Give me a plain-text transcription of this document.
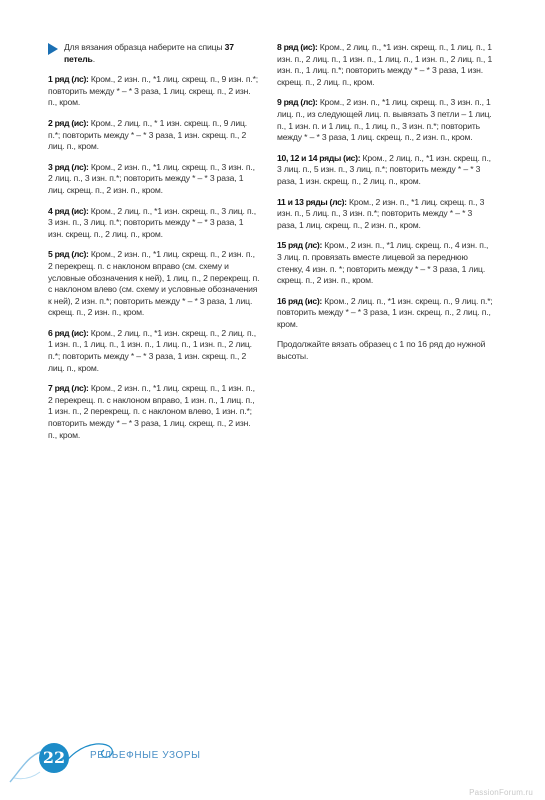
Для вязания образца наберите на спицы 37 петель.

1 ряд (лс): Кром., 2 изн. п., *1 лиц. скрещ. п., 9 изн. п.*; повторить между * – * 3 раза, 1 лиц. скрещ. п., 2 изн. п., кром.

2 ряд (ис): Кром., 2 лиц. п., * 1 изн. скрещ. п., 9 лиц. п.*; повторить между * – * 3 раза, 1 изн. скрещ. п., 2 лиц. п., кром.

3 ряд (лс): Кром., 2 изн. п., *1 лиц. скрещ. п., 3 изн. п., 2 лиц. п., 3 изн. п.*; повторить между * – * 3 раза, 1 лиц. скрещ. п., 2 изн. п., кром.

4 ряд (ис): Кром., 2 лиц. п., *1 изн. скрещ. п., 3 лиц. п., 3 изн. п., 3 лиц. п.*; повторить между * – * 3 раза, 1 изн. скрещ. п., 2 лиц. п., кром.

5 ряд (лс): Кром., 2 изн. п., *1 лиц. скрещ. п., 2 изн. п., 2 перекрещ. п. с наклоном вправо (см. схему и условные обозначения к ней), 1 лиц. п., 2 перекрещ. п. с наклоном влево (см. схему и условные обозначения к ней), 2 изн. п.*; повторить между * – * 3 раза, 1 лиц. скрещ. п., 2 изн. п., кром.

6 ряд (ис): Кром., 2 лиц. п., *1 изн. скрещ. п., 2 лиц. п., 1 изн. п., 1 лиц. п., 1 изн. п., 1 лиц. п., 1 изн. п., 2 лиц. п.*; повторить между * – * 3 раза, 1 изн. скрещ. п., 2 лиц. п., кром.

7 ряд (лс): Кром., 2 изн. п., *1 лиц. скрещ. п., 1 изн. п., 2 перекрещ. п. с наклоном вправо, 1 изн. п., 1 лиц. п., 1 изн. п., 2 перекрещ. п. с наклоном влево, 1 изн. п.*; повторить между * – * 3 раза, 1 лиц. скрещ. п., 2 изн. п., кром.

8 ряд (ис): Кром., 2 лиц. п., *1 изн. скрещ. п., 1 лиц. п., 1 изн. п., 2 лиц. п., 1 изн. п., 1 лиц. п., 1 изн. п., 2 лиц. п., 1 изн. п., 1 лиц. п.*; повторить между * – * 3 раза, 1 изн. скрещ. п., 2 лиц. п., кром.

9 ряд (лс): Кром., 2 изн. п., *1 лиц. скрещ. п., 3 изн. п., 1 лиц. п., из следующей лиц. п. вывязать 3 петли – 1 лиц. п., 1 изн. п. и 1 лиц. п., 1 лиц. п., 3 изн. п.*; повторить между * – * 3 раза, 1 лиц. скрещ. п., 2 изн. п., кром.

10, 12 и 14 ряды (ис): Кром., 2 лиц. п., *1 изн. скрещ. п., 3 лиц. п., 5 изн. п., 3 лиц. п.*; повторить между * – * 3 раза, 1 изн. скрещ. п., 2 лиц. п., кром.

11 и 13 ряды (лс): Кром., 2 изн. п., *1 лиц. скрещ. п., 3 изн. п., 5 лиц. п., 3 изн. п.*; повторить между * – * 3 раза, 1 лиц. скрещ. п., 2 изн. п., кром.

15 ряд (лс): Кром., 2 изн. п., *1 лиц. скрещ. п., 4 изн. п., 3 лиц. п. провязать вместе лицевой за переднюю стенку, 4 изн. п. *; повторить между * – * 3 раза, 1 лиц. скрещ. п., 2 изн. п., кром.

16 ряд (ис): Кром., 2 лиц. п., *1 изн. скрещ. п., 9 лиц. п.*; повторить между * – * 3 раза, 1 изн. скрещ. п., 2 лиц. п., кром.

Продолжайте вязать образец с 1 по 16 ряд до нужной высоты.

22	РЕЛЬЕФНЫЕ УЗОРЫ
PassionForum.ru
